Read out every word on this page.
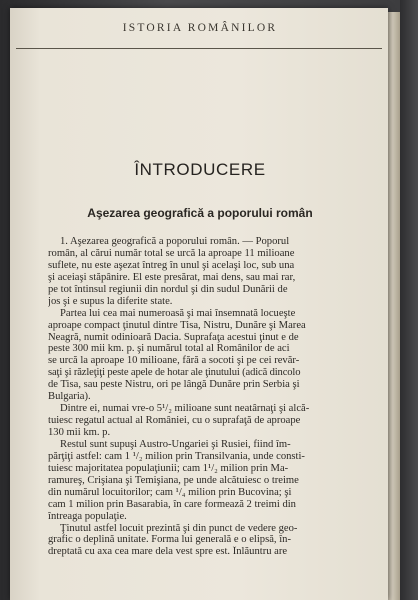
ISTORIA ROMÂNILOR
ÎNTRODUCERE
Aşezarea geografică a poporului român
1. Aşezarea geografică a poporului român. — Poporul
român, al cărui număr total se urcă la aproape 11 milioane
suflete, nu este aşezat întreg în unul şi acelaşi loc, sub una
şi aceiaşi stăpânire. El este presărat, mai dens, sau mai rar,
pe tot întinsul regiunii din nordul şi din sudul Dunării de
jos şi e supus la diferite state.
Partea lui cea mai numeroasă şi mai însemnată locueşte
aproape compact ţinutul dintre Tisa, Nistru, Dunăre şi Marea
Neagră, numit odinioară Dacia. Suprafaţa acestui ţinut e de
peste 300 mii km. p. şi numărul total al Românilor de aci
se urcă la aproape 10 milioane, fără a socoti şi pe cei revăr-
saţi şi răzleţiţi peste apele de hotar ale ţinutului (adică dincolo
de Tisa, sau peste Nistru, ori pe lângă Dunăre prin Serbia şi
Bulgaria).
Dintre ei, numai vre-o 5¹/₂ milioane sunt neatârnaţi şi alcă-
tuiesc regatul actual al României, cu o suprafaţă de aproape
130 mii km. p.
Restul sunt supuşi Austro-Ungariei şi Rusiei, fiind îm-
părţiţi astfel: cam 1 ¹/₂ milion prin Transilvania, unde consti-
tuiesc majoritatea populaţiunii; cam 1¹/₂ milion prin Ma-
ramureş, Crişiana şi Temişiana, pe unde alcătuiesc o treime
din numărul locuitorilor; cam ¹/₄ milion prin Bucovina; şi
cam 1 milion prin Basarabia, în care formează 2 treimi din
întreaga populaţie.
Ţinutul astfel locuit prezintă şi din punct de vedere geo-
grafic o deplină unitate. Forma lui generală e o elipsă, în-
dreptată cu axa cea mare dela vest spre est. Înlăuntru are
